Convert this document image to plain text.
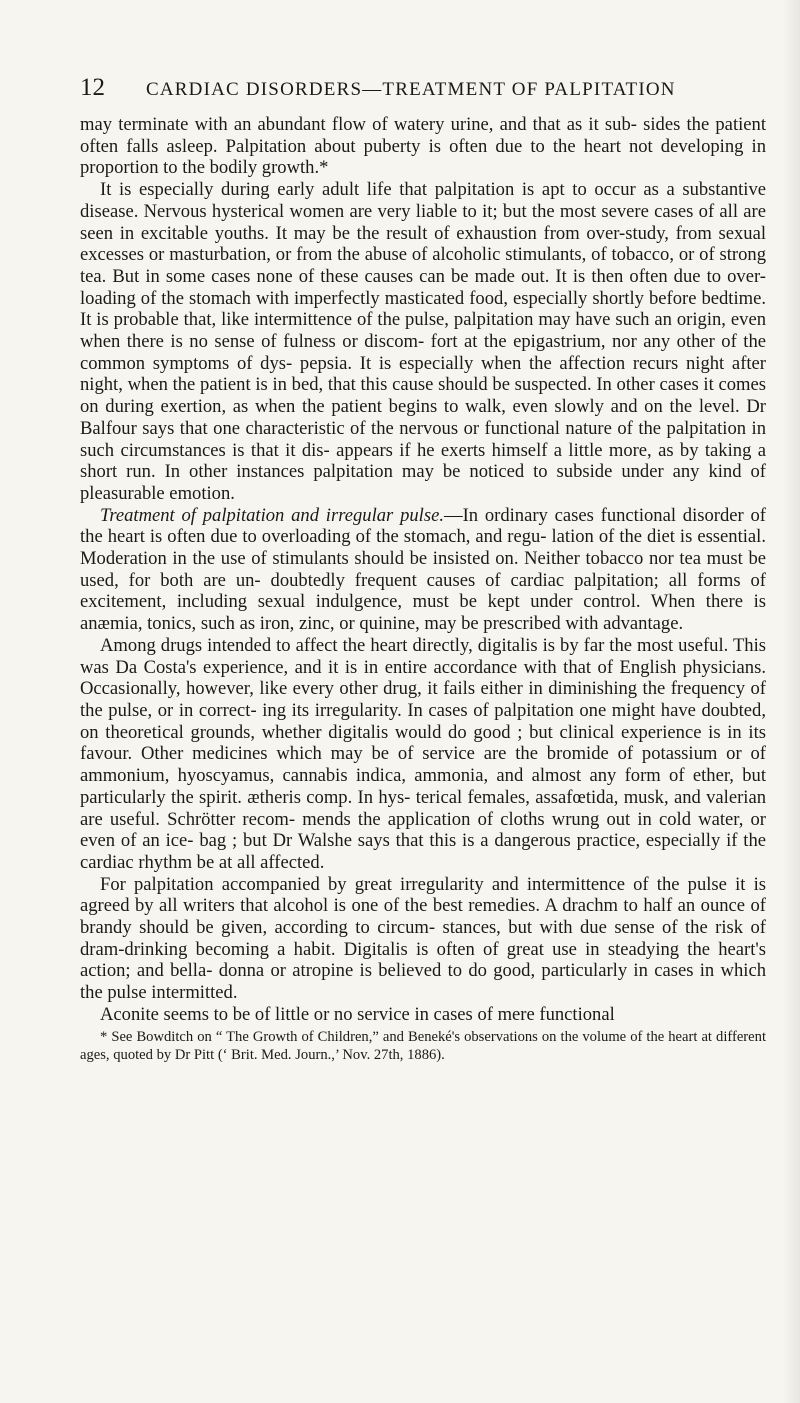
12	CARDIAC DISORDERS—TREATMENT OF PALPITATION

may terminate with an abundant flow of watery urine, and that as it sub- sides the patient often falls asleep. Palpitation about puberty is often due to the heart not developing in proportion to the bodily growth.*

It is especially during early adult life that palpitation is apt to occur as a substantive disease. Nervous hysterical women are very liable to it; but the most severe cases of all are seen in excitable youths. It may be the result of exhaustion from over-study, from sexual excesses or masturbation, or from the abuse of alcoholic stimulants, of tobacco, or of strong tea. But in some cases none of these causes can be made out. It is then often due to over- loading of the stomach with imperfectly masticated food, especially shortly before bedtime. It is probable that, like intermittence of the pulse, palpitation may have such an origin, even when there is no sense of fulness or discom- fort at the epigastrium, nor any other of the common symptoms of dys- pepsia. It is especially when the affection recurs night after night, when the patient is in bed, that this cause should be suspected. In other cases it comes on during exertion, as when the patient begins to walk, even slowly and on the level. Dr Balfour says that one characteristic of the nervous or functional nature of the palpitation in such circumstances is that it dis- appears if he exerts himself a little more, as by taking a short run. In other instances palpitation may be noticed to subside under any kind of pleasurable emotion.

Treatment of palpitation and irregular pulse.—In ordinary cases functional disorder of the heart is often due to overloading of the stomach, and regu- lation of the diet is essential. Moderation in the use of stimulants should be insisted on. Neither tobacco nor tea must be used, for both are un- doubtedly frequent causes of cardiac palpitation; all forms of excitement, including sexual indulgence, must be kept under control. When there is anæmia, tonics, such as iron, zinc, or quinine, may be prescribed with advantage.

Among drugs intended to affect the heart directly, digitalis is by far the most useful. This was Da Costa's experience, and it is in entire accordance with that of English physicians. Occasionally, however, like every other drug, it fails either in diminishing the frequency of the pulse, or in correct- ing its irregularity. In cases of palpitation one might have doubted, on theoretical grounds, whether digitalis would do good ; but clinical experience is in its favour. Other medicines which may be of service are the bromide of potassium or of ammonium, hyoscyamus, cannabis indica, ammonia, and almost any form of ether, but particularly the spirit. ætheris comp. In hys- terical females, assafœtida, musk, and valerian are useful. Schrötter recom- mends the application of cloths wrung out in cold water, or even of an ice- bag ; but Dr Walshe says that this is a dangerous practice, especially if the cardiac rhythm be at all affected.

For palpitation accompanied by great irregularity and intermittence of the pulse it is agreed by all writers that alcohol is one of the best remedies. A drachm to half an ounce of brandy should be given, according to circum- stances, but with due sense of the risk of dram-drinking becoming a habit. Digitalis is often of great use in steadying the heart's action; and bella- donna or atropine is believed to do good, particularly in cases in which the pulse intermitted.

Aconite seems to be of little or no service in cases of mere functional

* See Bowditch on “ The Growth of Children,” and Beneké's observations on the volume of the heart at different ages, quoted by Dr Pitt (‘ Brit. Med. Journ.,’ Nov. 27th, 1886).
